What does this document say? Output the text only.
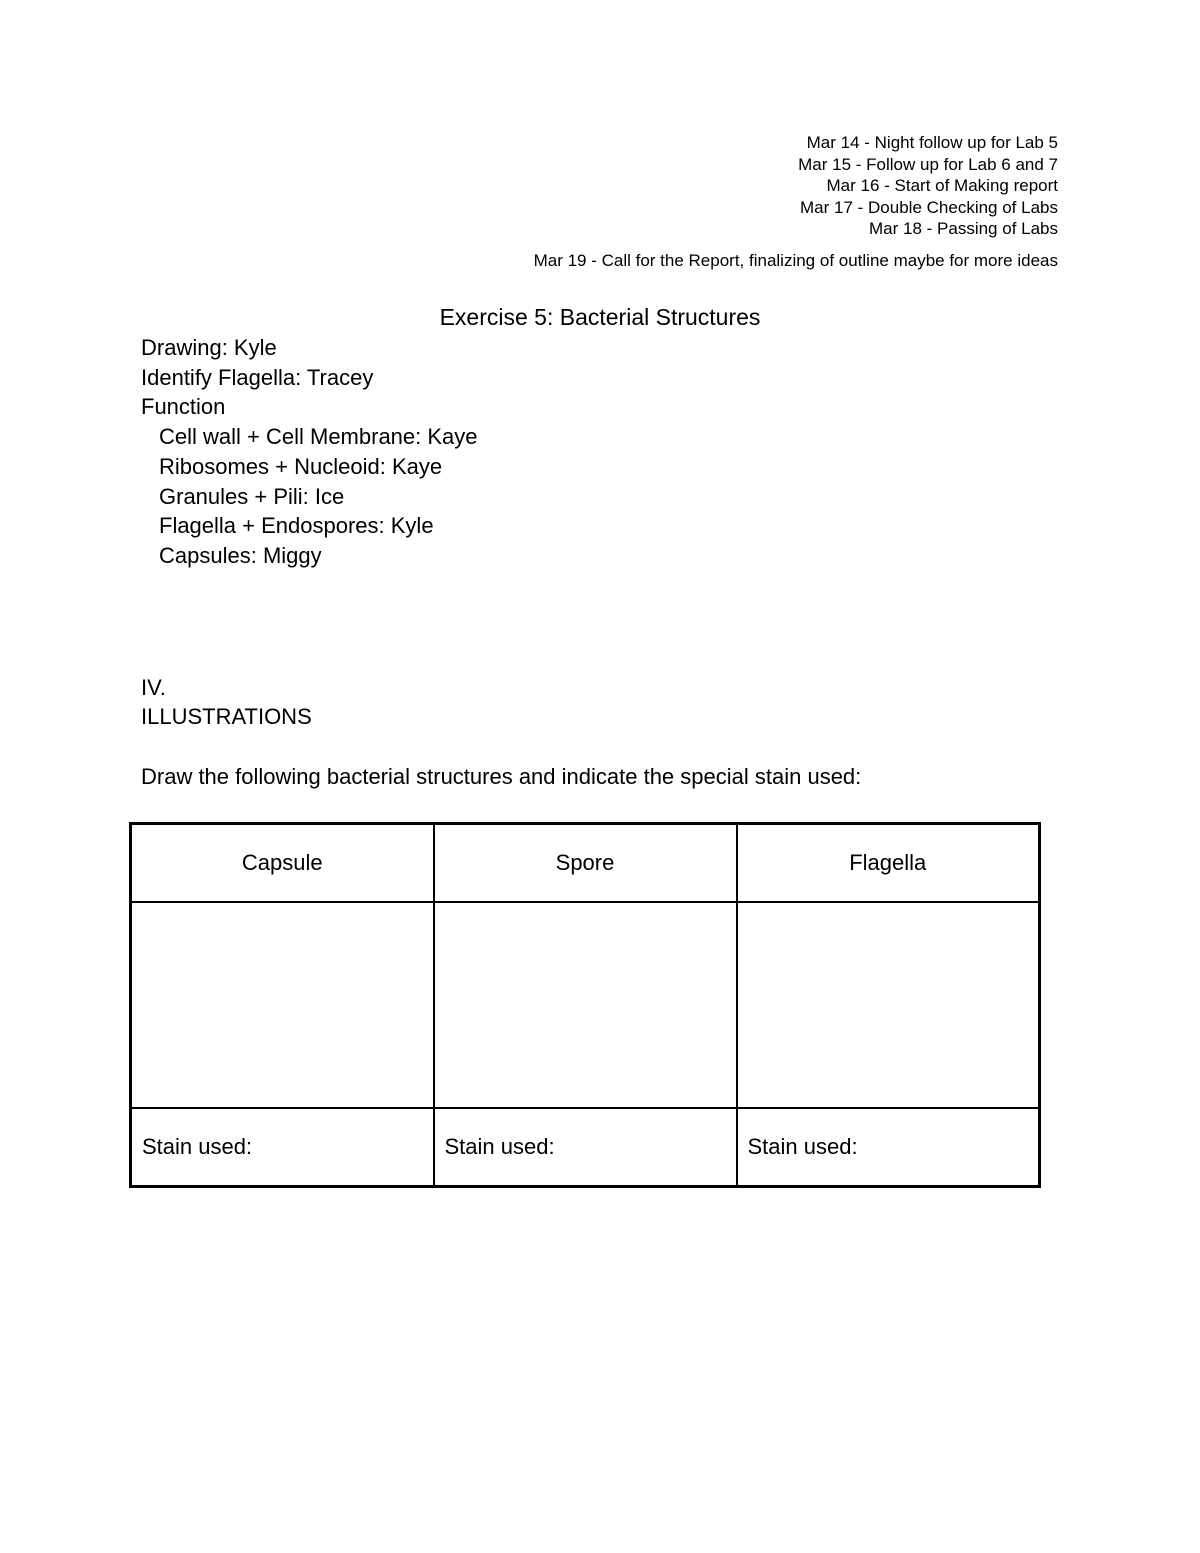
Mar 14 - Night follow up for Lab 5
Mar 15 - Follow up for Lab 6 and 7
Mar 16 - Start of Making report
Mar 17 - Double Checking of Labs
Mar 18 - Passing of Labs
Mar 19 - Call for the Report, finalizing of outline maybe for more ideas
Exercise 5: Bacterial Structures
Drawing: Kyle
Identify Flagella: Tracey
Function
Cell wall + Cell Membrane: Kaye
Ribosomes + Nucleoid: Kaye
Granules + Pili: Ice
Flagella + Endospores: Kyle
Capsules: Miggy
IV.
ILLUSTRATIONS
Draw the following bacterial structures and indicate the special stain used:
Capsule	Spore	Flagella

Stain used:	Stain used:	Stain used:
